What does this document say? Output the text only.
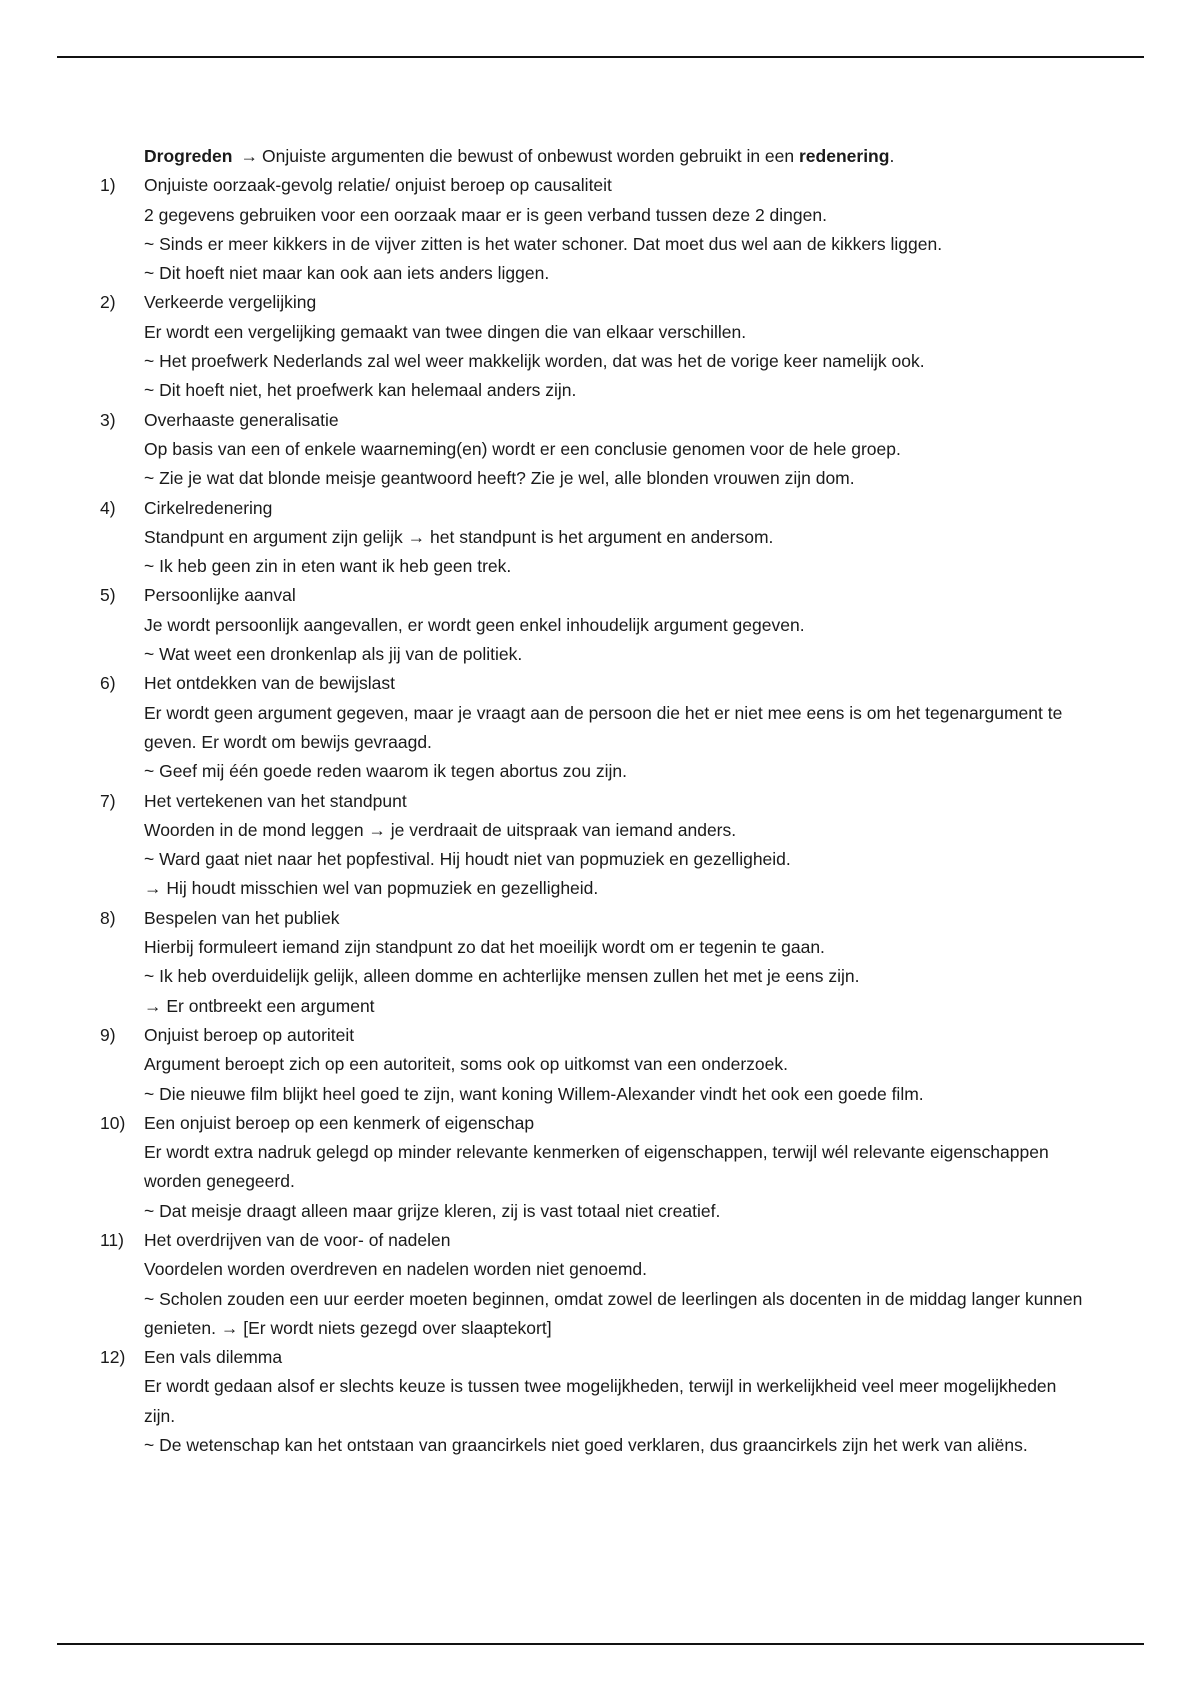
Drogreden → Onjuiste argumenten die bewust of onbewust worden gebruikt in een redenering.
1)	Onjuiste oorzaak-gevolg relatie/ onjuist beroep op causaliteit
2 gegevens gebruiken voor een oorzaak maar er is geen verband tussen deze 2 dingen.
~ Sinds er meer kikkers in de vijver zitten is het water schoner. Dat moet dus wel aan de kikkers liggen.
~ Dit hoeft niet maar kan ook aan iets anders liggen.
2)	Verkeerde vergelijking
Er wordt een vergelijking gemaakt van twee dingen die van elkaar verschillen.
~ Het proefwerk Nederlands zal wel weer makkelijk worden, dat was het de vorige keer namelijk ook.
~ Dit hoeft niet, het proefwerk kan helemaal anders zijn.
3)	Overhaaste generalisatie
Op basis van een of enkele waarneming(en) wordt er een conclusie genomen voor de hele groep.
~ Zie je wat dat blonde meisje geantwoord heeft? Zie je wel, alle blonden vrouwen zijn dom.
4)	Cirkelredenering
Standpunt en argument zijn gelijk → het standpunt is het argument en andersom.
~ Ik heb geen zin in eten want ik heb geen trek.
5)	Persoonlijke aanval
Je wordt persoonlijk aangevallen, er wordt geen enkel inhoudelijk argument gegeven.
~ Wat weet een dronkenlap als jij van de politiek.
6)	Het ontdekken van de bewijslast
Er wordt geen argument gegeven, maar je vraagt aan de persoon die het er niet mee eens is om het tegenargument te geven. Er wordt om bewijs gevraagd.
~ Geef mij één goede reden waarom ik tegen abortus zou zijn.
7)	Het vertekenen van het standpunt
Woorden in de mond leggen → je verdraait de uitspraak van iemand anders.
~ Ward gaat niet naar het popfestival. Hij houdt niet van popmuziek en gezelligheid.
→ Hij houdt misschien wel van popmuziek en gezelligheid.
8)	Bespelen van het publiek
Hierbij formuleert iemand zijn standpunt zo dat het moeilijk wordt om er tegenin te gaan.
~ Ik heb overduidelijk gelijk, alleen domme en achterlijke mensen zullen het met je eens zijn.
→ Er ontbreekt een argument
9)	Onjuist beroep op autoriteit
Argument beroept zich op een autoriteit, soms ook op uitkomst van een onderzoek.
~ Die nieuwe film blijkt heel goed te zijn, want koning Willem-Alexander vindt het ook een goede film.
10)	Een onjuist beroep op een kenmerk of eigenschap
Er wordt extra nadruk gelegd op minder relevante kenmerken of eigenschappen, terwijl wél relevante eigenschappen worden genegeerd.
~ Dat meisje draagt alleen maar grijze kleren, zij is vast totaal niet creatief.
11)	Het overdrijven van de voor- of nadelen
Voordelen worden overdreven en nadelen worden niet genoemd.
~ Scholen zouden een uur eerder moeten beginnen, omdat zowel de leerlingen als docenten in de middag langer kunnen genieten. → [Er wordt niets gezegd over slaaptekort]
12)	Een vals dilemma
Er wordt gedaan alsof er slechts keuze is tussen twee mogelijkheden, terwijl in werkelijkheid veel meer mogelijkheden zijn.
~ De wetenschap kan het ontstaan van graancirkels niet goed verklaren, dus graancirkels zijn het werk van aliëns.
